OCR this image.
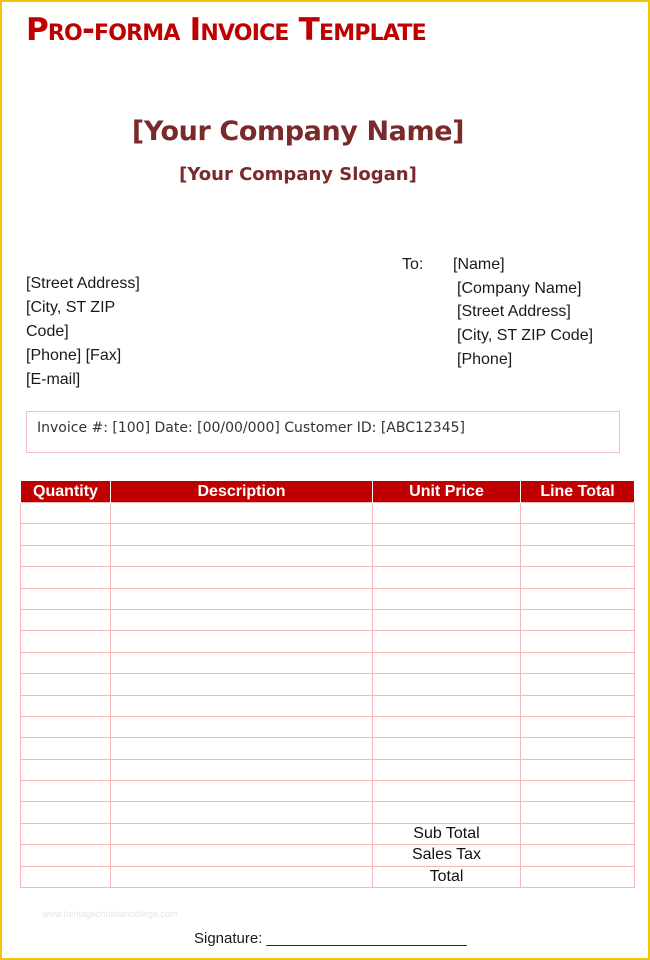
Pro-forma Invoice Template
[Your Company Name]
[Your Company Slogan]
[Street Address]
[City, ST ZIP
Code]
[Phone] [Fax]
[E-mail]
To: [Name]
[Company Name]
[Street Address]
[City, ST ZIP Code]
[Phone]
Invoice #: [100] Date: [00/00/000] Customer ID: [ABC12345]
Quantity	Description	Unit Price	Line Total

		Sub Total	
		Sales Tax	
		Total	
www.heritagechristiancollege.com
Signature: ________________________
